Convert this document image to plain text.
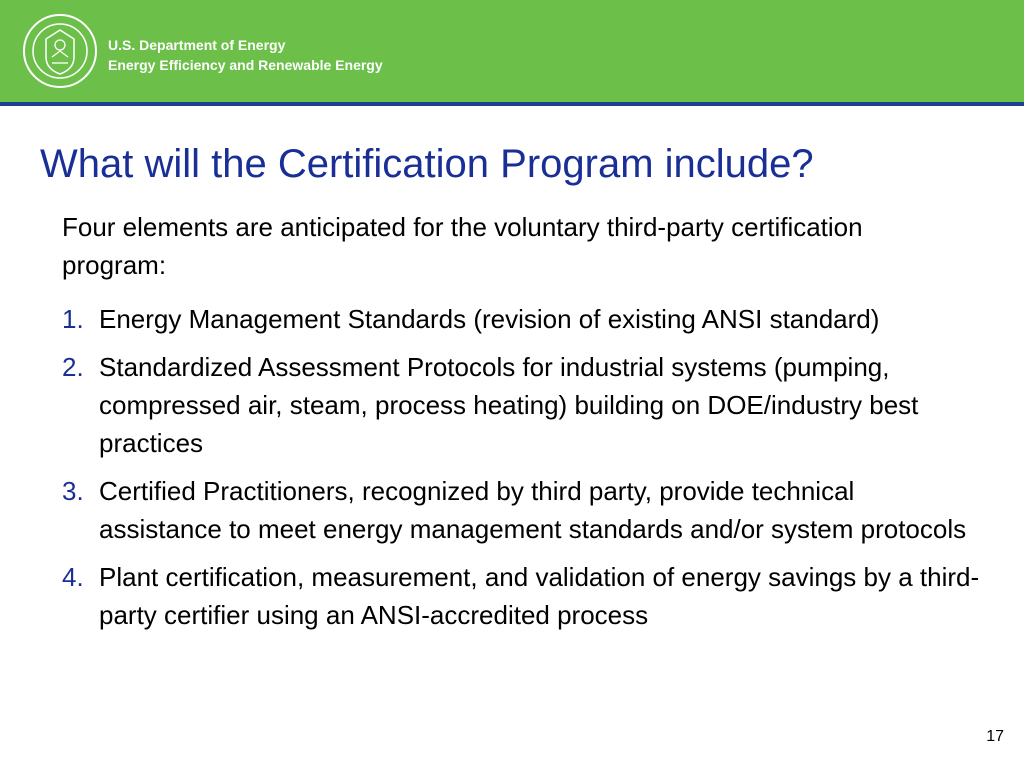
U.S. Department of Energy
Energy Efficiency and Renewable Energy
What will the Certification Program include?
Four elements are anticipated for the voluntary third-party certification program:
1. Energy Management Standards (revision of existing ANSI standard)
2. Standardized Assessment Protocols for industrial systems (pumping, compressed air, steam, process heating) building on DOE/industry best practices
3. Certified Practitioners, recognized by third party, provide technical assistance to meet energy management standards and/or system protocols
4. Plant certification, measurement, and validation of energy savings by a third-party certifier using an ANSI-accredited process
17
